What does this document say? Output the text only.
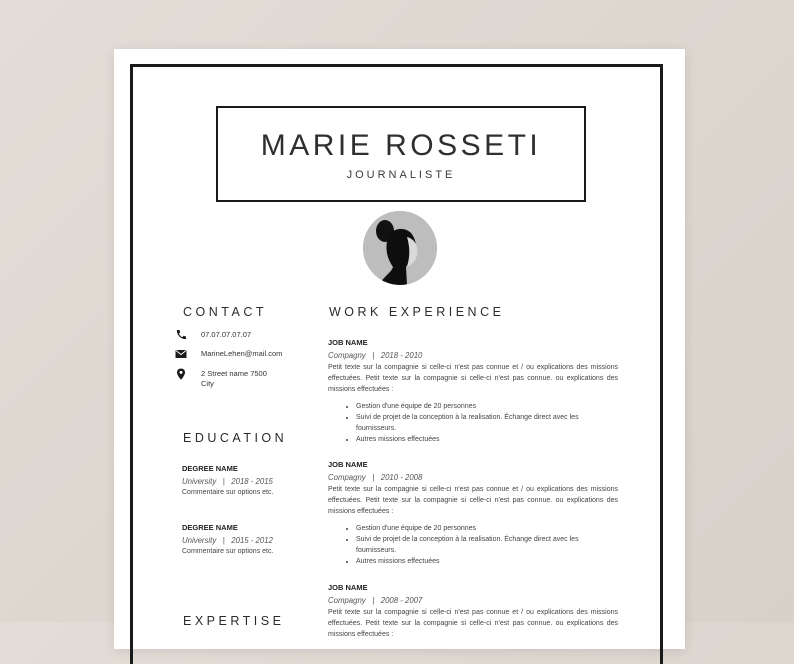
MARIE ROSSETI
JOURNALISTE
CONTACT
07.07.07.07.07
MarineLehen@mail.com
2 Street name 7500
City
EDUCATION
DEGREE NAME
University | 2018 - 2015
Commentaire sur options etc.
DEGREE NAME
University | 2015 - 2012
Commentaire sur options etc.
EXPERTISE
WORK EXPERIENCE
JOB NAME
Compagny | 2018 - 2010
Petit texte sur la compagnie si celle-ci n'est pas connue et / ou explications des missions effectuées. Petit texte sur la compagnie si celle-ci n'est pas connue. ou explications des missions effectuées :
• Gestion d'une équipe de 20 personnes
• Suivi de projet de la conception à la realisation. Échange direct avec les fournisseurs.
• Autres missions effectuées
JOB NAME
Compagny | 2010 - 2008
Petit texte sur la compagnie si celle-ci n'est pas connue et / ou explications des missions effectuées. Petit texte sur la compagnie si celle-ci n'est pas connue. ou explications des missions effectuées :
• Gestion d'une équipe de 20 personnes
• Suivi de projet de la conception à la realisation. Échange direct avec les fournisseurs.
• Autres missions effectuées
JOB NAME
Compagny | 2008 - 2007
Petit texte sur la compagnie si celle-ci n'est pas connue et / ou explications des missions effectuées. Petit texte sur la compagnie si celle-ci n'est pas connue. ou explications des missions effectuées :
